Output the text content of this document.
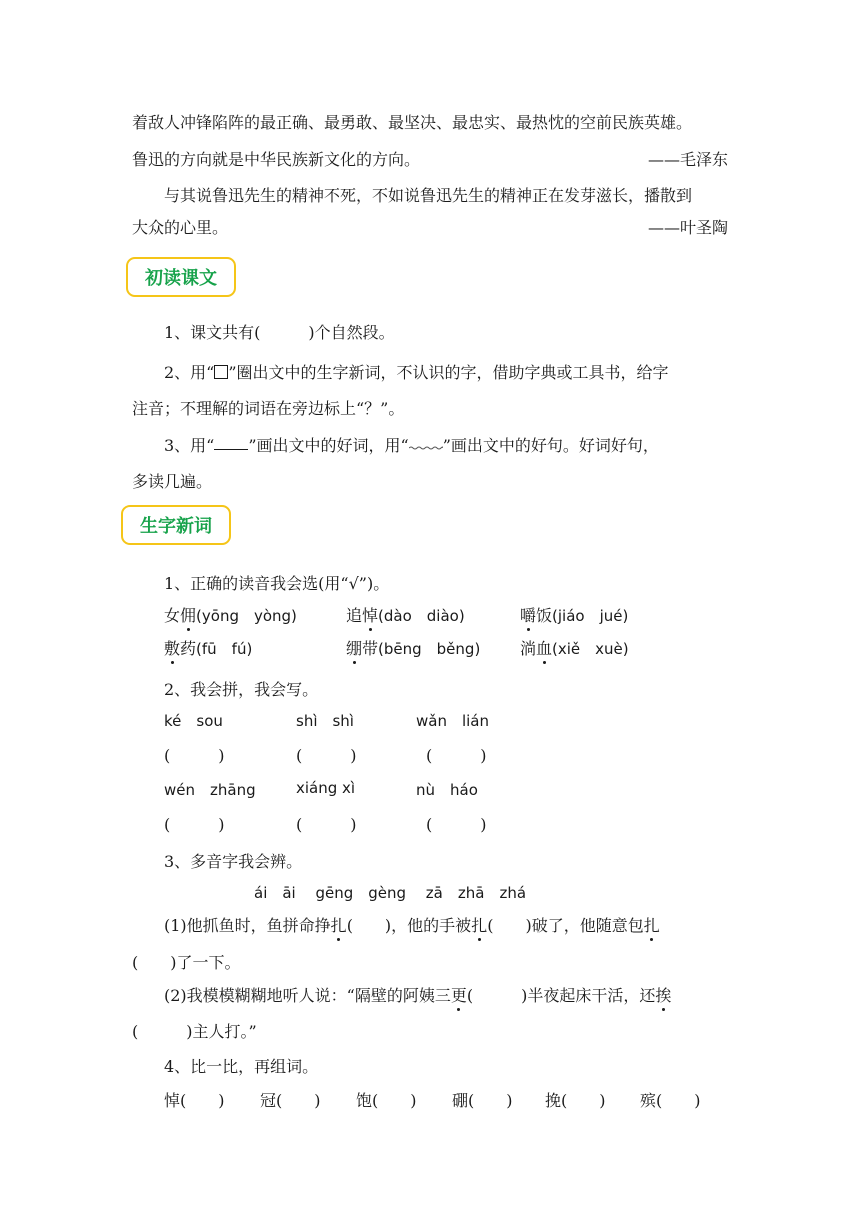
着敌人冲锋陷阵的最正确、最勇敢、最坚决、最忠实、最热忱的空前民族英雄。
鲁迅的方向就是中华民族新文化的方向。	——毛泽东
与其说鲁迅先生的精神不死，不如说鲁迅先生的精神正在发芽滋长，播散到
大众的心里。	——叶圣陶
初读课文
1、课文共有(　　　)个自然段。
2、用“○”圈出文中的生字新词，不认识的字，借助字典或工具书，给字
注音；不理解的词语在旁边标上“？”。
3、用“ ”画出文中的好词，用“ ”画出文中的好句。好词好句，
多读几遍。
生字新词
1、正确的读音我会选(用“√”)。
女佣(yōng　yòng)	追悼(dào　diào)	嚼饭(jiáo　jué)
敷药(fū　fú)	绷带(bēng　běng) 淌血(xiě　xuè)
2、我会拼，我会写。
ké　sou	shì　shì	wǎn　lián
(　　　)	(　　　)	(　　　)
wén　zhāng	xiáng xì	nù　háo
(　　　)	(　　　)	(　　　)
3、多音字我会辨。
ái　āi　 gēng　gèng　 zā　zhā　zhá
(1)他抓鱼时，鱼拼命挣扎(　　)，他的手被扎(　　)破了，他随意包扎
(　　)了一下。
(2)我模模糊糊地听人说：“隔壁的阿姨三更(　　　)半夜起床干活，还挨
(　　　)主人打。”
4、比一比，再组词。
悼(　　) 冠(　　) 饱(　　) 硼(　　) 挽(　　) 殡(　　)
